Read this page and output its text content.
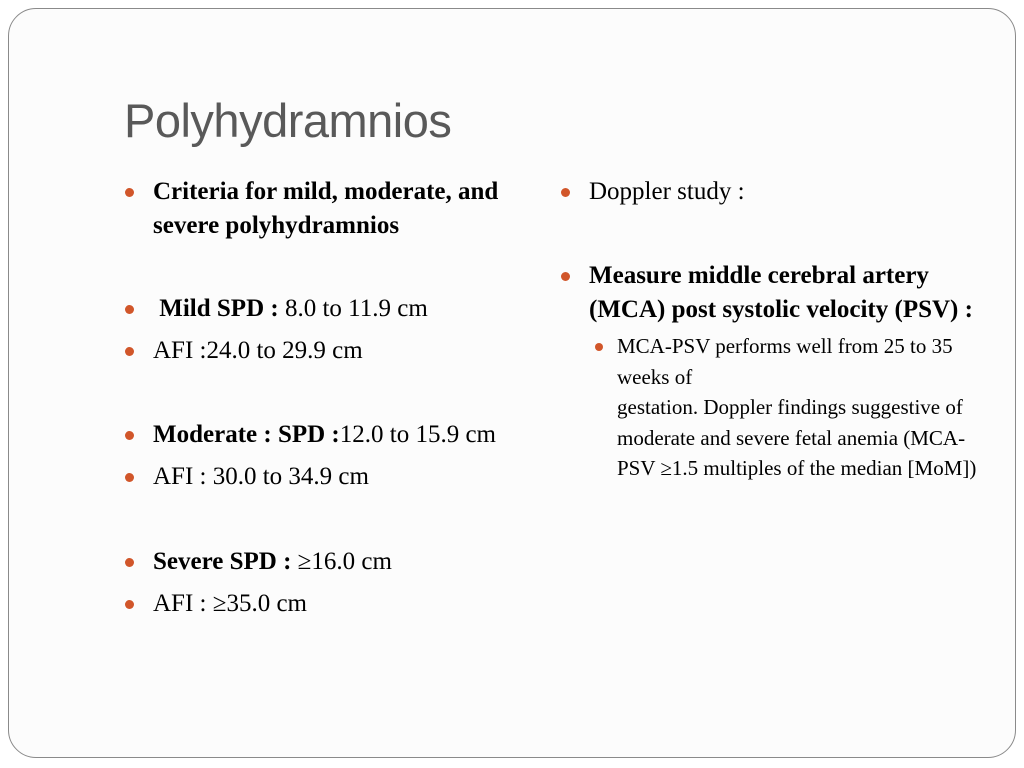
Polyhydramnios
Criteria for mild, moderate, and severe polyhydramnios
Mild SPD : 8.0 to 11.9 cm
AFI :24.0 to 29.9 cm
Moderate : SPD :12.0 to 15.9 cm
AFI : 30.0 to 34.9 cm
Severe SPD : ≥16.0 cm
AFI : ≥35.0 cm
Doppler study :
Measure middle cerebral artery (MCA) post systolic velocity (PSV) :
MCA-PSV performs well from 25 to 35 weeks of
gestation. Doppler findings suggestive of moderate and severe fetal anemia (MCA-PSV ≥1.5 multiples of the median [MoM])
